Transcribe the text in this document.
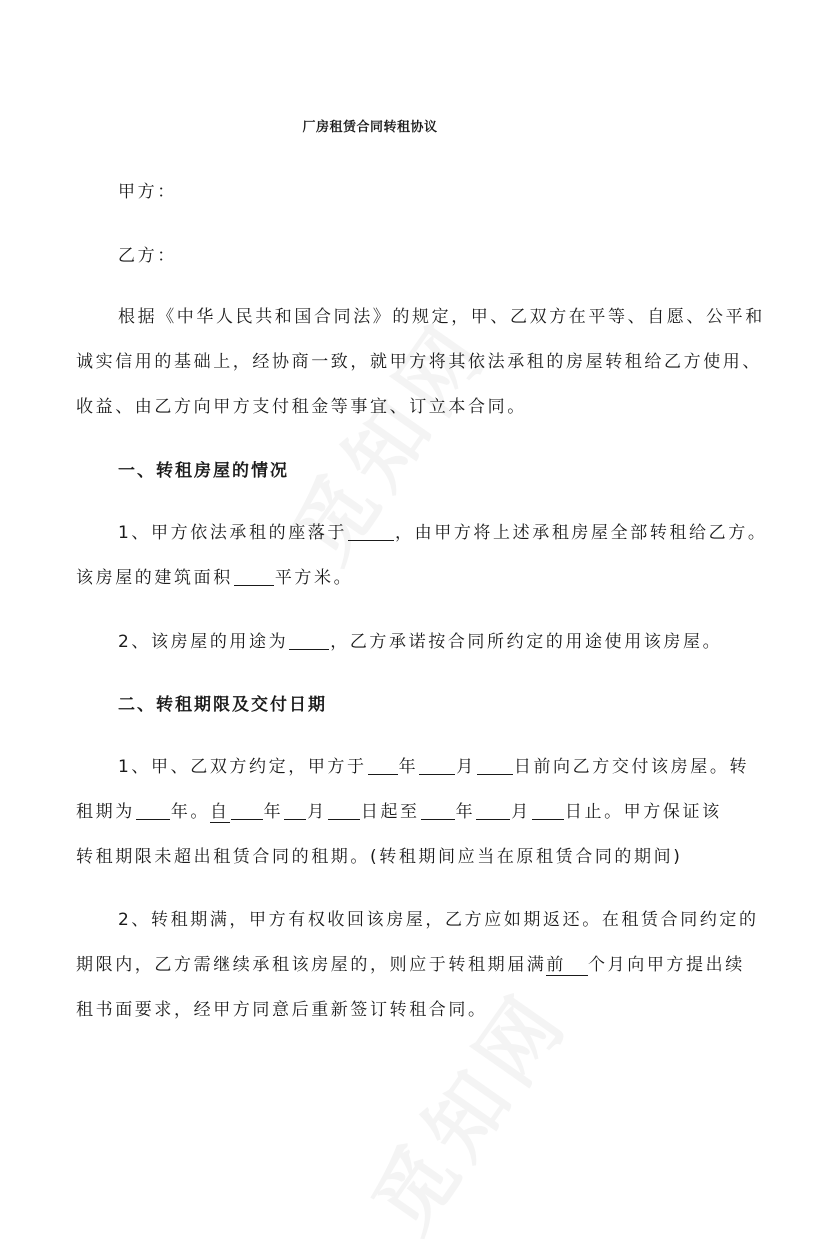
厂房租赁合同转租协议
甲方：
乙方：
根据《中华人民共和国合同法》的规定，甲、乙双方在平等、自愿、公平和
诚实信用的基础上，经协商一致，就甲方将其依法承租的房屋转租给乙方使用、
收益、由乙方向甲方支付租金等事宜、订立本合同。
一、转租房屋的情况
1、甲方依法承租的座落于	，由甲方将上述承租房屋全部转租给乙方。
该房屋的建筑面积 平方米。
2、该房屋的用途为 ，乙方承诺按合同所约定的用途使用该房屋。
二、转租期限及交付日期
1、甲、乙双方约定，甲方于 年 月 日前向乙方交付该房屋。转
租期为 年。自 年 月 日起至 年 月 日止。甲方保证该
转租期限未超出租赁合同的租期。(转租期间应当在原租赁合同的期间)
2、转租期满，甲方有权收回该房屋，乙方应如期返还。在租赁合同约定的
期限内，乙方需继续承租该房屋的，则应于转租期届满前 个月向甲方提出续
租书面要求，经甲方同意后重新签订转租合同。
